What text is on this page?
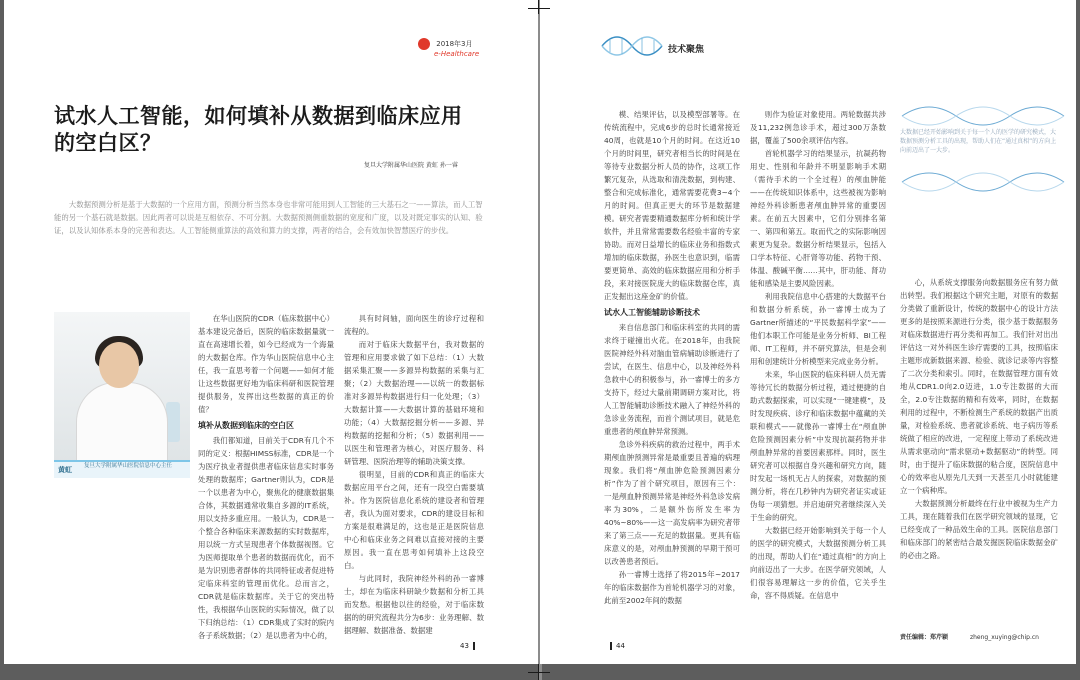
2018年3月
e-Healthcare
试水人工智能，如何填补从数据到临床应用
的空白区？
复旦大学附属华山医院 黄虹 孙一睿
大数据预测分析是基于大数据的一个应用方面，预测分析当然本身也非常可能用到人工智能的三大基石之一——算法，而人工智能的另一个基石就是数据。因此两者可以说是互相依存、不可分割。大数据预测侧重数据的宽度和广度，以及对既定事实的认知、验证，以及认知体系本身的完善和表达。人工智能侧重算法的高效和算力的支撑，两者的结合，会有效加快智慧医疗的步伐。
黄虹 复旦大学附属华山医院信息中心主任
在华山医院的CDR（临床数据中心）基本建设完备后，医院的临床数据量就一直在高速增长着，如今已经成为一个海量的大数据仓库。作为华山医院信息中心主任，我一直思考着一个问题——如何才能让这些数据更好地为临床科研和医院管理提供服务，发挥出这些数据的真正的价值？
填补从数据到临床的空白区
我们都知道，目前关于CDR有几个不同的定义：根据HIMSS标准，CDR是一个为医疗执业者提供患者临床信息实时事务处理的数据库；Gartner则认为，CDR是一个以患者为中心，聚焦化的健康数据集合体，其数据通常收集自多源的IT系统，用以支持多重应用。一般认为，CDR是一个整合各种临床来源数据的实时数据库，用以统一方式呈现患者个体数据视图。它为医师提取单个患者的数据而优化，而不是为识别患者群体的共同特征或者促进特定临床科室的管理而优化。总而言之，CDR就是临床数据库。关于它的突出特性，我根据华山医院的实际情况，做了以下归纳总结：（1）CDR集成了实时的院内各子系统数据；（2）是以患者为中心的，
具有时间轴，面向医生的诊疗过程和流程的。
而对于临床大数据平台，我对数据的管理和应用要求做了如下总结：（1）大数据采集汇聚——多源异构数据的采集与汇聚；（2）大数据治理——以统一的数据标准对多源异构数据进行归一化处理；（3）大数据计算——大数据计算的基础环境和功能；（4）大数据挖掘分析——多源、异构数据的挖掘和分析；（5）数据利用——以医生和管理者为核心，对医疗服务、科研管理、医院治理等的辅助决策支撑。
很明显，目前的CDR和真正的临床大数据应用平台之间，还有一段空白需要填补。作为医院信息化系统的建设者和管理者，我认为面对要求，CDR的建设目标和方案是很难满足的，这也是正是医院信息中心和临床业务之间难以直接对接的主要原因。我一直在思考如何填补上这段空白。
与此同时，我院神经外科的孙一睿博士，却在为临床科研缺少数据和分析工具而发愁。根据他以往的经验，对于临床数据的的研究流程共分为6步：业务理解、数据理解、数据准备、数据建
43
技术聚焦
模、结果评估，以及模型部署等。在传统流程中，完成6步的总时长通常接近40周，也就是10个月的时间。在这近10个月的时间里，研究者相当长的时间是在等待专业数据分析人员的协作，这项工作繁冗复杂，从选取和清洗数据，到构建、整合和完成标准化，通常需要花费3~4个月的时间。但真正更大的环节是数据建模。研究者需要精通数据库分析和统计学软件，并且常常需要数名经验丰富的专家协助。而对日益增长的临床业务和指数式增加的临床数据，孙医生也意识到，临需要更简单、高效的临床数据应用和分析手段，来对接医院庞大的临床数据仓库，真正发掘出这座金矿的价值。
试水人工智能辅助诊断技术
来自信息部门和临床科室的共同的需求终于碰撞出火花。在2018年，由我院医院神经外科对脑血管病辅助诊断进行了尝试，在医生、信息中心，以及神经外科急救中心的积极参与，孙一睿博士的多方支持下，经过大量前期调研方案对比，将人工智能辅助诊断技术融入了神经外科的急诊业务流程，而首个测试项目，就是危重患者的颅血肿异常预测。
急诊外科疾病的救治过程中，两手术期颅血肿预测异常是最重要且普遍的病理现象。我们将“颅血肿危险预测因素分析”作为了首个研究项目，原因有三个：一是颅血肿预测异常是神经外科急诊发病率为30%，二是额外伤所发生率为40%~80%——这一高发病率为研究者带来了第三点——充足的数据量。更具有临床意义的是，对颅血肿预测的早期干预可以改善患者预后。
孙一睿博士选择了将2015年~2017年的临床数据作为首轮机器学习的对象，此前至2002年间的数据
则作为验证对象使用。两轮数据共涉及11,232例急诊手术，超过300万条数据，覆盖了500余项评估内容。
首轮机器学习的结果显示，抗凝药物用史、性别和年龄并不明显影响手术期（需待手术的一个全过程）的颅血肿能——在传统知识体系中，这些被视为影响神经外科诊断患者颅血肿异常的重要因素。在前五大因素中，它们分别排名第一、第四和第五。取而代之的实际影响因素更为复杂。数据分析结果显示，包括入口学本特征、心肝肾等功能、药物干预、体温、酸碱平衡……其中，肝功能、肾功能和感染是主要风险因素。
利用我院信息中心搭建的大数据平台和数据分析系统，孙一睿博士成为了Gartner所描述的“平民数据科学家”——他们本职工作可能是业务分析师、BI工程师、IT工程师，并不研究算法，但是会利用和创建统计分析模型来完成业务分析。
未来，华山医院的临床科研人员无需等待冗长的数据分析过程，通过便捷的自助式数据探索，可以实现“一键建模”，及时发现疾病、诊疗和临床数据中蕴藏的关联和模式——就像孙一睿博士在“颅血肿危险预测因素分析”中发现抗凝药物并非颅血肿异常的首要因素那样。同时，医生研究者可以根据自身兴趣和研究方向，随时发起一场机无占人的探索，对数据的预测分析，将在几秒钟内为研究者证实或证伪每一项猜想。并启迪研究者继续深入关于生命的研究。
大数据已经开始影响到关于每一个人的医学的研究模式，大数据预测分析工具的出现，帮助人们在“通过真相”的方向上向前迈出了一大步。在医学研究领域，人们很容易理解这一步的价值，它关乎生命，容不得质疑。在信息中
大数据已经开始影响到关于每一个人的医学的研究模式，大数据预测分析工具的出现，帮助人们在“通过真相”的方向上向前迈出了一大步。
心，从系统支撑服务向数据服务应有努力做出转型。我们根据这个研究主题，对原有的数据分类做了重新设计，传统的数据中心的设计方法更多的是按照来源进行分类，很少基于数据服务对临床数据进行再分类和再加工。我们针对出出评估这一对外科医生诊疗需要的工具，按照临床主题形成新数据来源、检验、就诊记录等内容整了二次分类和索引。同时，在数据管理方面有效地从CDR1.0向2.0迈进，1.0专注数据的大而全，2.0专注数据的精和有效率，同时，在数据利用的过程中，不断检测生产系统的数据产出质量，对检验系统、患者就诊系统、电子病历等系统做了相应的改进，一定程度上带动了系统改进从需求驱动向“需求驱动+数据驱动”的转型。同时，由于提升了临床数据的粘合度，医院信息中心的效率也从原先几天到一天甚至几小时就能建立一个病种库。
大数据预测分析最终在行业中被视为生产力工具，现在随着我们在医学研究领域的显现，它已经变成了一种品效生命的工具。医院信息部门和临床部门的紧密结合最发掘医院临床数据金矿的必由之路。
责任编辑：郑芹颖	zheng_xuying@chip.cn
44
